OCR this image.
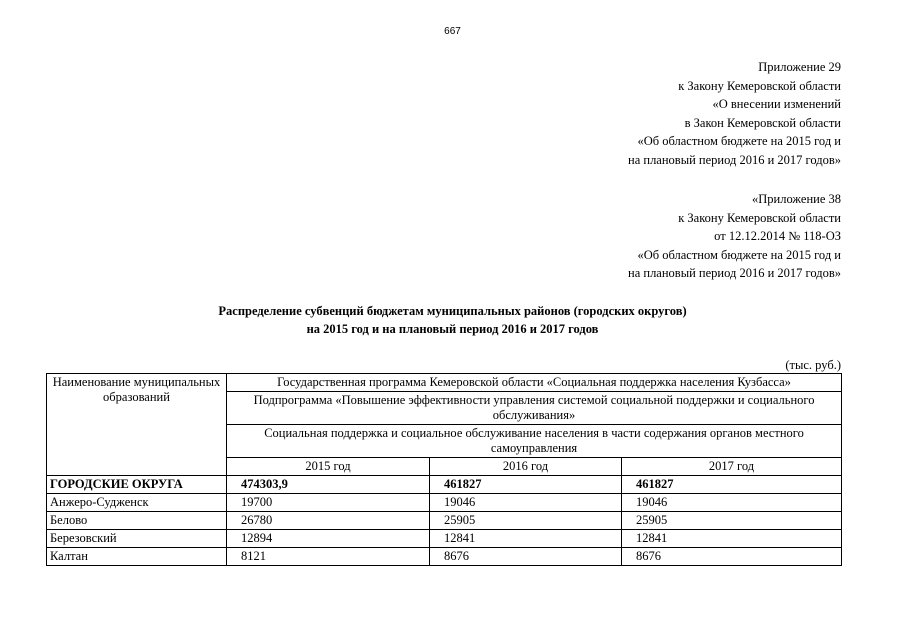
667
Приложение 29
к Закону Кемеровской области
«О внесении изменений
в Закон Кемеровской области
«Об областном бюджете на 2015 год и
на плановый период 2016 и 2017 годов»
«Приложение 38
к Закону Кемеровской области
от 12.12.2014 № 118-ОЗ
«Об областном бюджете на 2015 год и
на плановый период 2016 и 2017 годов»
Распределение субвенций бюджетам муниципальных районов (городских округов)
на 2015 год и на плановый период 2016 и 2017 годов
(тыс. руб.)
Наименование муниципальных образований	Государственная программа Кемеровской области «Социальная поддержка населения Кузбасса»		
	Подпрограмма «Повышение эффективности управления системой социальной поддержки и социального обслуживания»		
	Социальная поддержка и социальное обслуживание населения в части содержания органов местного самоуправления		
	2015 год	2016 год	2017 год
ГОРОДСКИЕ ОКРУГА	474303,9	461827	461827
Анжеро-Судженск	19700	19046	19046
Белово	26780	25905	25905
Березовский	12894	12841	12841
Калтан	8121	8676	8676
